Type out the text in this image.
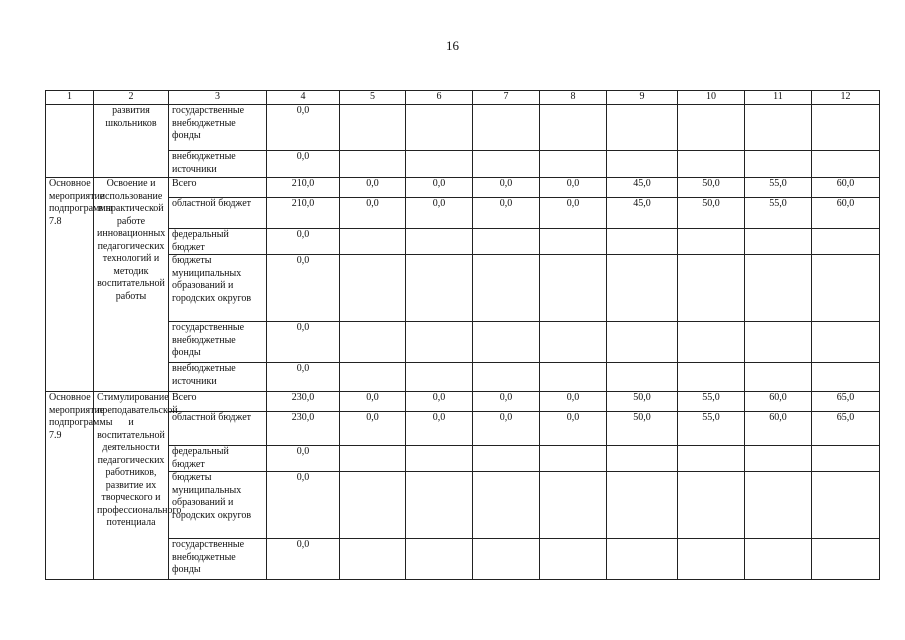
16
1	2	3	4	5	6	7	8	9	10	11	12
	развития школьников	государственные внебюджетные фонды	0,0								
		внебюджетные источники	0,0								
Основное мероприятие подпрограммы 7.8	Освоение и использование в практической работе инновационных педагогических технологий и методик воспитательной работы	Всего	210,0	0,0	0,0	0,0	0,0	45,0	50,0	55,0	60,0
		областной бюджет	210,0	0,0	0,0	0,0	0,0	45,0	50,0	55,0	60,0
		федеральный бюджет	0,0								
		бюджеты муниципальных образований и городских округов	0,0								
		государственные внебюджетные фонды	0,0								
		внебюджетные источники	0,0								
Основное мероприятие подпрограммы 7.9	Стимулирование преподавательской и воспитательной деятельности педагогических работников, развитие их творческого и профессионального потенциала	Всего	230,0	0,0	0,0	0,0	0,0	50,0	55,0	60,0	65,0
		областной бюджет	230,0	0,0	0,0	0,0	0,0	50,0	55,0	60,0	65,0
		федеральный бюджет	0,0								
		бюджеты муниципальных образований и городских округов	0,0								
		государственные внебюджетные фонды	0,0								
